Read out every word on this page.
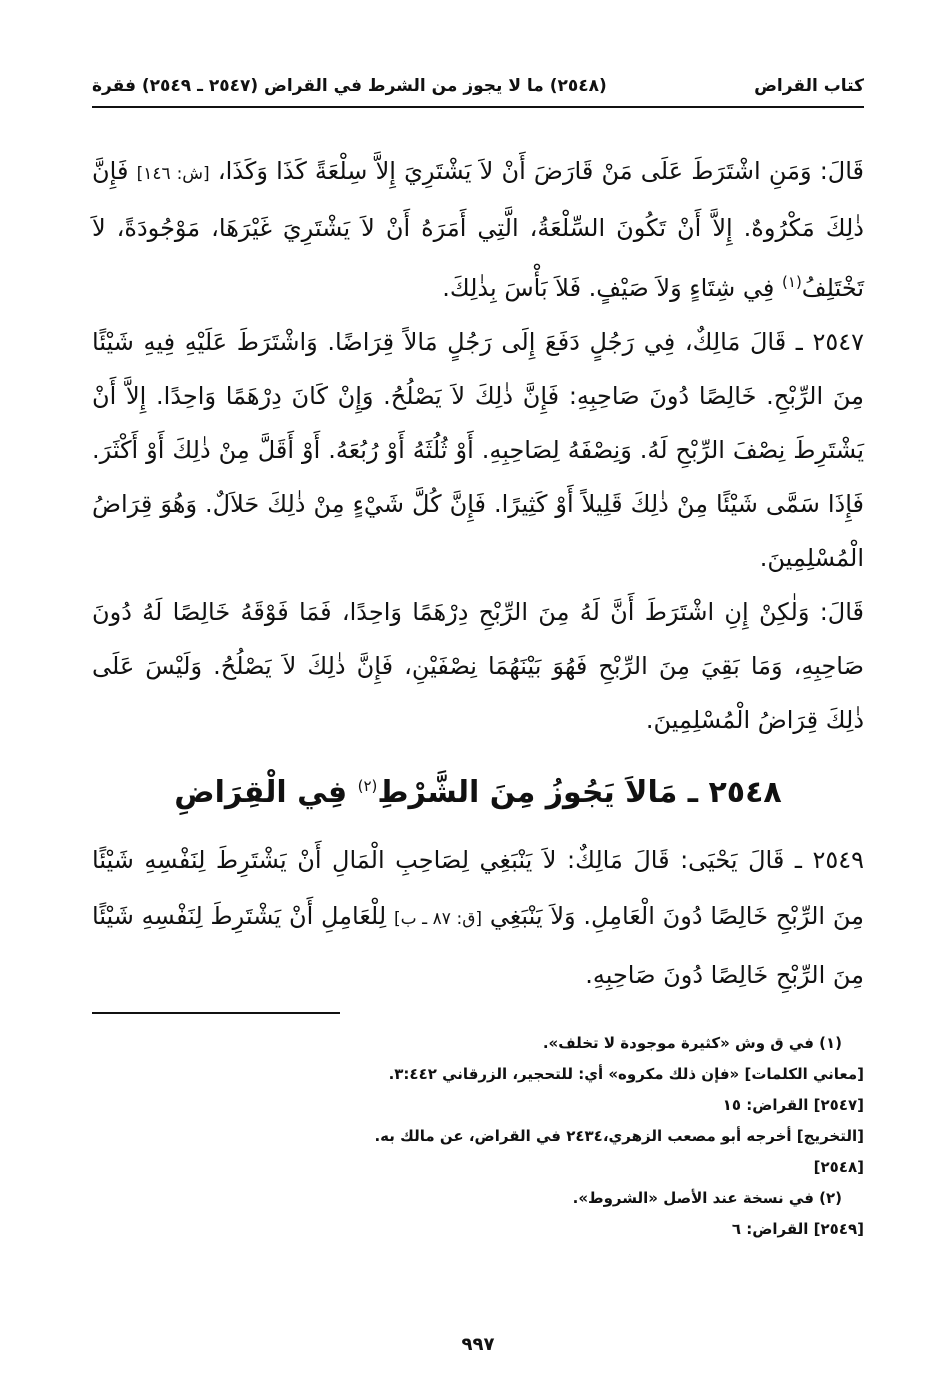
كتاب القراض
(٢٥٤٨) ما لا يجوز من الشرط في القراض (٢٥٤٧ ـ ٢٥٤٩) فقرة

قَالَ: وَمَنِ اشْتَرَطَ عَلَى مَنْ قَارَضَ أَنْ لاَ يَشْتَرِيَ إِلاَّ سِلْعَةً كَذَا وَكَذَا، [ش: ١٤٦] فَإِنَّ ذٰلِكَ مَكْرُوهٌ. إِلاَّ أَنْ تَكُونَ السِّلْعَةُ، الَّتِي أَمَرَهُ أَنْ لاَ يَشْتَرِيَ غَيْرَهَا، مَوْجُودَةً، لاَ تَخْتَلِفُ$^{(١)}$ فِي شِتَاءٍ وَلاَ صَيْفٍ. فَلاَ بَأْسَ بِذٰلِكَ.

٢٥٤٧ ـ قَالَ مَالِكٌ، فِي رَجُلٍ دَفَعَ إِلَى رَجُلٍ مَالاً قِرَاضًا. وَاشْتَرَطَ عَلَيْهِ فِيهِ شَيْئًا مِنَ الرِّبْحِ. خَالِصًا دُونَ صَاحِبِهِ: فَإِنَّ ذٰلِكَ لاَ يَصْلُحُ. وَإِنْ كَانَ دِرْهَمًا وَاحِدًا. إِلاَّ أَنْ يَشْتَرِطَ نِصْفَ الرِّبْحِ لَهُ. وَنِصْفَهُ لِصَاحِبِهِ. أَوْ ثُلُثَهُ أَوْ رُبُعَهُ. أَوْ أَقَلَّ مِنْ ذٰلِكَ أَوْ أَكْثَرَ. فَإِذَا سَمَّى شَيْئًا مِنْ ذٰلِكَ قَلِيلاً أَوْ كَثِيرًا. فَإِنَّ كُلَّ شَيْءٍ مِنْ ذٰلِكَ حَلاَلٌ. وَهُوَ قِرَاضُ الْمُسْلِمِينَ.

قَالَ: وَلٰكِنْ إِنِ اشْتَرَطَ أَنَّ لَهُ مِنَ الرِّبْحِ دِرْهَمًا وَاحِدًا، فَمَا فَوْقَهُ خَالِصًا لَهُ دُونَ صَاحِبِهِ، وَمَا بَقِيَ مِنَ الرِّبْحِ فَهُوَ بَيْنَهُمَا نِصْفَيْنِ، فَإِنَّ ذٰلِكَ لاَ يَصْلُحُ. وَلَيْسَ عَلَى ذٰلِكَ قِرَاضُ الْمُسْلِمِينَ.

٢٥٤٨ ـ مَالاَ يَجُوزُ مِنَ الشَّرْطِ$^{(٢)}$ فِي الْقِرَاضِ

٢٥٤٩ ـ قَالَ يَحْيَى: قَالَ مَالِكٌ: لاَ يَنْبَغِي لِصَاحِبِ الْمَالِ أَنْ يَشْتَرِطَ لِنَفْسِهِ شَيْئًا مِنَ الرِّبْحِ خَالِصًا دُونَ الْعَامِلِ. وَلاَ يَنْبَغِي [ق: ٨٧ ـ ب] لِلْعَامِلِ أَنْ يَشْتَرِطَ لِنَفْسِهِ شَيْئًا مِنَ الرِّبْحِ خَالِصًا دُونَ صَاحِبِهِ.

(١) في ق وش «كثيرة موجودة لا تخلف».

[معاني الكلمات] «فإن ذلك مكروه» أي: للتحجير، الزرقاني ٣:٤٤٢.

[٢٥٤٧] القراض: ١٥

[التخريج] أخرجه أبو مصعب الزهري،٢٤٣٤ في القراض، عن مالك به.

[٢٥٤٨]

(٢) في نسخة عند الأصل «الشروط».

[٢٥٤٩] القراض: ٦

٩٩٧
